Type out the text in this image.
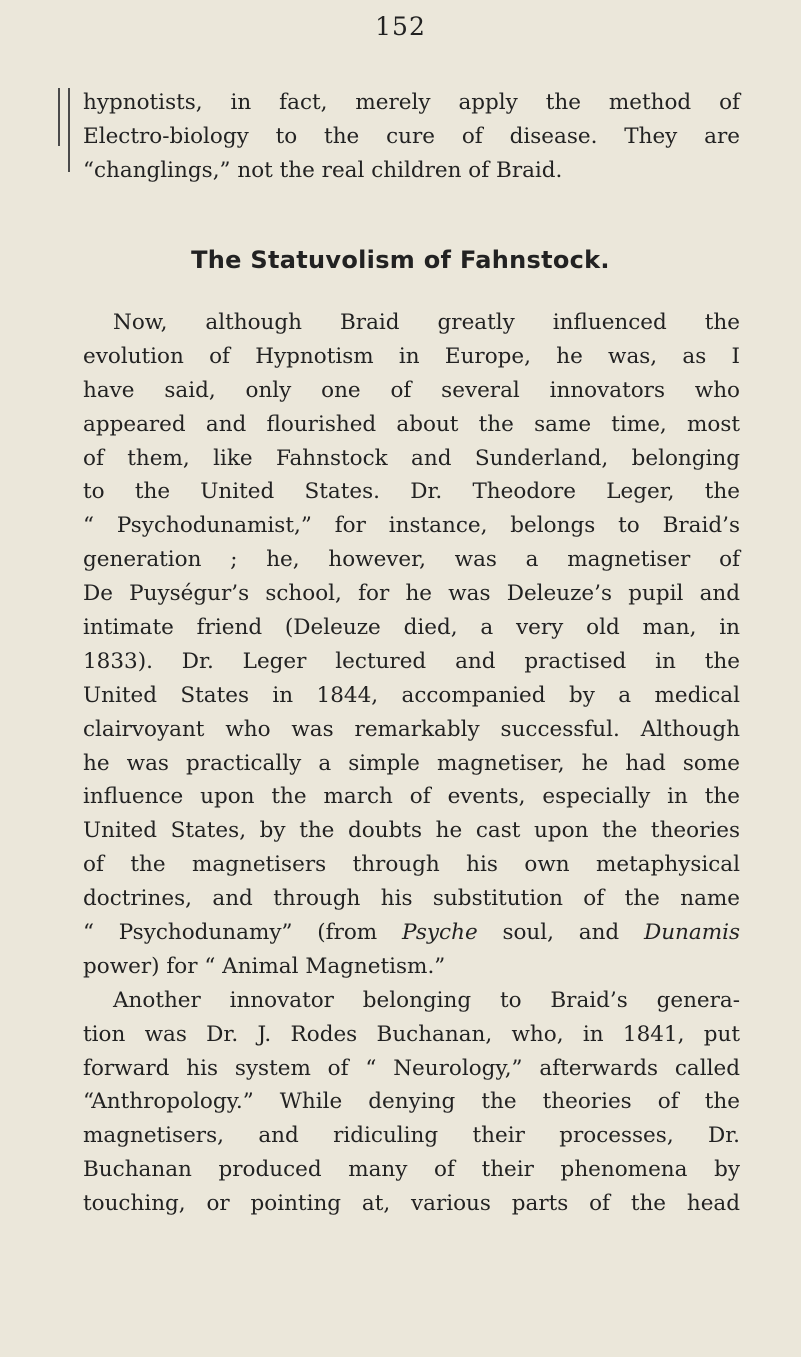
152
hypnotists, in fact, merely apply the method of
Electro-biology to the cure of disease. They are
“changlings,” not the real children of Braid.
The Statuvolism of Fahnstock.
Now, although Braid greatly influenced the
evolution of Hypnotism in Europe, he was, as I
have said, only one of several innovators who
appeared and flourished about the same time, most
of them, like Fahnstock and Sunderland, belonging
to the United States. Dr. Theodore Leger, the
“ Psychodunamist,” for instance, belongs to Braid’s
generation ; he, however, was a magnetiser of
De Puységur’s school, for he was Deleuze’s pupil and
intimate friend (Deleuze died, a very old man, in
1833). Dr. Leger lectured and practised in the
United States in 1844, accompanied by a medical
clairvoyant who was remarkably successful. Although
he was practically a simple magnetiser, he had some
influence upon the march of events, especially in the
United States, by the doubts he cast upon the theories
of the magnetisers through his own metaphysical
doctrines, and through his substitution of the name
“ Psychodunamy” (from Psyche soul, and Dunamis
power) for “ Animal Magnetism.”
Another innovator belonging to Braid’s genera-
tion was Dr. J. Rodes Buchanan, who, in 1841, put
forward his system of “ Neurology,” afterwards called
“Anthropology.” While denying the theories of the
magnetisers, and ridiculing their processes, Dr.
Buchanan produced many of their phenomena by
touching, or pointing at, various parts of the head
